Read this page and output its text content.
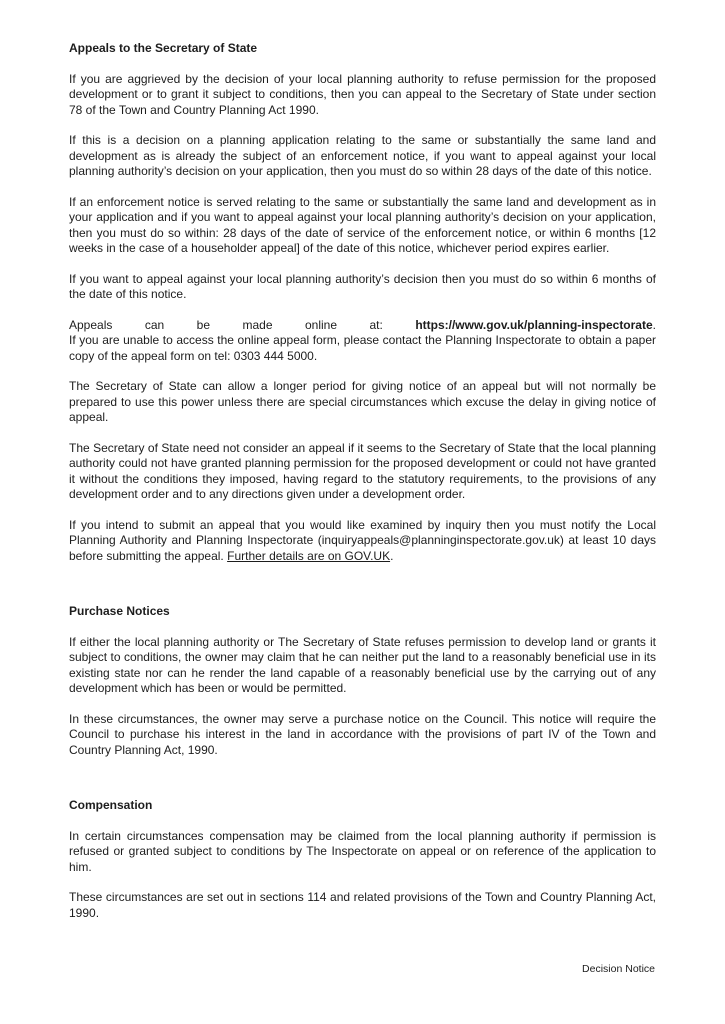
Appeals to the Secretary of State

If you are aggrieved by the decision of your local planning authority to refuse permission for the proposed development or to grant it subject to conditions, then you can appeal to the Secretary of State under section 78 of the Town and Country Planning Act 1990.

If this is a decision on a planning application relating to the same or substantially the same land and development as is already the subject of an enforcement notice, if you want to appeal against your local planning authority’s decision on your application, then you must do so within 28 days of the date of this notice.

If an enforcement notice is served relating to the same or substantially the same land and development as in your application and if you want to appeal against your local planning authority’s decision on your application, then you must do so within: 28 days of the date of service of the enforcement notice, or within 6 months [12 weeks in the case of a householder appeal] of the date of this notice, whichever period expires earlier.

If you want to appeal against your local planning authority’s decision then you must do so within 6 months of the date of this notice.

Appeals can be made online at: https://www.gov.uk/planning-inspectorate.

If you are unable to access the online appeal form, please contact the Planning Inspectorate to obtain a paper copy of the appeal form on tel: 0303 444 5000.

The Secretary of State can allow a longer period for giving notice of an appeal but will not normally be prepared to use this power unless there are special circumstances which excuse the delay in giving notice of appeal.

The Secretary of State need not consider an appeal if it seems to the Secretary of State that the local planning authority could not have granted planning permission for the proposed development or could not have granted it without the conditions they imposed, having regard to the statutory requirements, to the provisions of any development order and to any directions given under a development order.

If you intend to submit an appeal that you would like examined by inquiry then you must notify the Local Planning Authority and Planning Inspectorate (inquiryappeals@planninginspectorate.gov.uk) at least 10 days before submitting the appeal. Further details are on GOV.UK.

Purchase Notices

If either the local planning authority or The Secretary of State refuses permission to develop land or grants it subject to conditions, the owner may claim that he can neither put the land to a reasonably beneficial use in its existing state nor can he render the land capable of a reasonably beneficial use by the carrying out of any development which has been or would be permitted.

In these circumstances, the owner may serve a purchase notice on the Council. This notice will require the Council to purchase his interest in the land in accordance with the provisions of part IV of the Town and Country Planning Act, 1990.

Compensation

In certain circumstances compensation may be claimed from the local planning authority if permission is refused or granted subject to conditions by The Inspectorate on appeal or on reference of the application to him.

These circumstances are set out in sections 114 and related provisions of the Town and Country Planning Act, 1990.

Decision Notice
